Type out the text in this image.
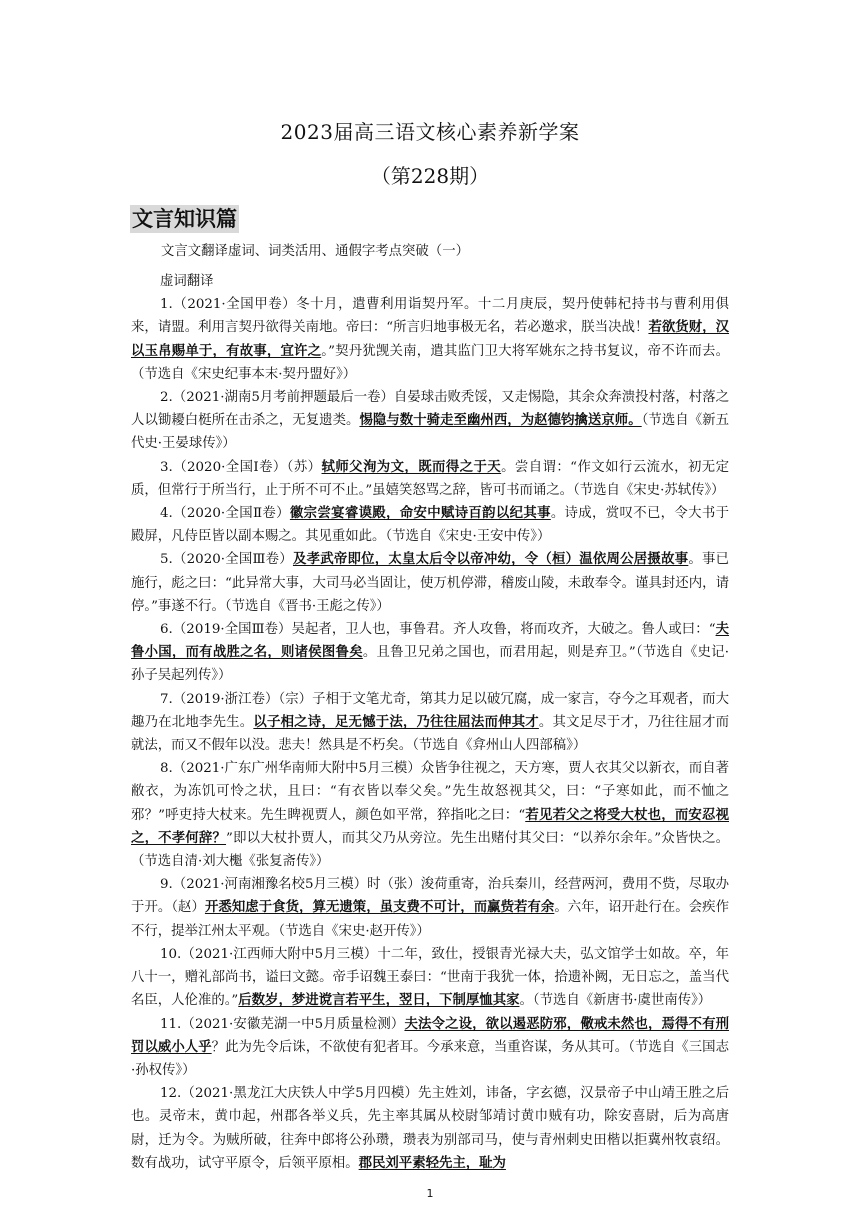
2023届高三语文核心素养新学案
（第228期）
文言知识篇
文言文翻译虚词、词类活用、通假字考点突破（一）

虚词翻译

1.（2021·全国甲卷）冬十月，遣曹利用诣契丹军。十二月庚辰，契丹使韩杞持书与曹利用俱来，请盟。利用言契丹欲得关南地。帝曰：“所言归地事极无名，若必邀求，朕当决战！若欲货财，汉以玉帛赐单于，有故事，宜许之。”契丹犹觊关南，遣其监门卫大将军姚东之持书复议，帝不许而去。（节选自《宋史纪事本末·契丹盟好》）

2.（2021·湖南5月考前押题最后一卷）自晏球击败秃馁，又走惕隐，其余众奔溃投村落，村落之人以锄耰白梃所在击杀之，无复遗类。惕隐与数十骑走至幽州西，为赵德钧擒送京师。（节选自《新五代史·王晏球传》）

3.（2020·全国Ⅰ卷）（苏）轼师父洵为文，既而得之于天。尝自谓：“作文如行云流水，初无定质，但常行于所当行，止于所不可不止。”虽嬉笑怒骂之辞，皆可书而诵之。（节选自《宋史·苏轼传》）

4.（2020·全国Ⅱ卷）徽宗尝宴睿谟殿，命安中赋诗百韵以纪其事。诗成，赏叹不已，令大书于殿屏，凡侍臣皆以副本赐之。其见重如此。（节选自《宋史·王安中传》）

5.（2020·全国Ⅲ卷）及孝武帝即位，太皇太后令以帝冲幼，令（桓）温依周公居摄故事。事已施行，彪之曰：“此异常大事，大司马必当固让，使万机停滞，稽废山陵，未敢奉令。谨具封还内，请停。”事遂不行。（节选自《晋书·王彪之传》）

6.（2019·全国Ⅲ卷）吴起者，卫人也，事鲁君。齐人攻鲁，将而攻齐，大破之。鲁人或曰：“夫鲁小国，而有战胜之名，则诸侯图鲁矣。且鲁卫兄弟之国也，而君用起，则是弃卫。”（节选自《史记·孙子吴起列传》）

7.（2019·浙江卷）（宗）子相于文笔尤奇，第其力足以破冗腐，成一家言，夺今之耳观者，而大趣乃在北地李先生。以子相之诗，足无憾于法，乃往往屈法而伸其才。其文足尽于才，乃往往屈才而就法，而又不假年以没。悲夫！然具是不朽矣。（节选自《弇州山人四部稿》）

8.（2021·广东广州华南师大附中5月三模）众皆争往视之，天方寒，贾人衣其父以新衣，而自著敝衣，为冻饥可怜之状，且曰：“有衣皆以奉父矣。”先生故怒视其父，曰：“子寒如此，而不恤之邪？”呼吏持大杖来。先生睥视贾人，颜色如平常，猝指叱之曰：“若见若父之将受大杖也，而安忍视之，不孝何辞？”即以大杖扑贾人，而其父乃从旁泣。先生出赌付其父曰：“以养尔余年。”众皆快之。（节选自清·刘大櫆《张复斋传》）

9.（2021·河南湘豫名校5月三模）时（张）浚荷重寄，治兵秦川，经营两河，费用不赀，尽取办于开。（赵）开悉知虑于食货，算无遗策，虽支费不可计，而赢赀若有余。六年，诏开赴行在。会疾作不行，提举江州太平观。（节选自《宋史·赵开传》）

10.（2021·江西师大附中5月三模）十二年，致仕，授银青光禄大夫，弘文馆学士如故。卒，年八十一，赠礼部尚书，谥曰文懿。帝手诏魏王泰曰：“世南于我犹一体，拾遗补阙，无日忘之，盖当代名臣，人伦准的。”后数岁，梦进谠言若平生，翌日，下制厚恤其家。（节选自《新唐书·虞世南传》）

11.（2021·安徽芜湖一中5月质量检测）夫法令之设，欲以遏恶防邪，儆戒未然也，焉得不有刑罚以威小人乎？此为先令后诛，不欲使有犯者耳。今承来意，当重咨谋，务从其可。（节选自《三国志·孙权传》）

12.（2021·黑龙江大庆铁人中学5月四模）先主姓刘，讳备，字玄德，汉景帝子中山靖王胜之后也。灵帝末，黄巾起，州郡各举义兵，先主率其属从校尉邹靖讨黄巾贼有功，除安喜尉，后为高唐尉，迁为令。为贼所破，往奔中郎将公孙瓒，瓒表为别部司马，使与青州刺史田楷以拒冀州牧袁绍。数有战功，试守平原令，后领平原相。郡民刘平素轻先主，耻为

1
